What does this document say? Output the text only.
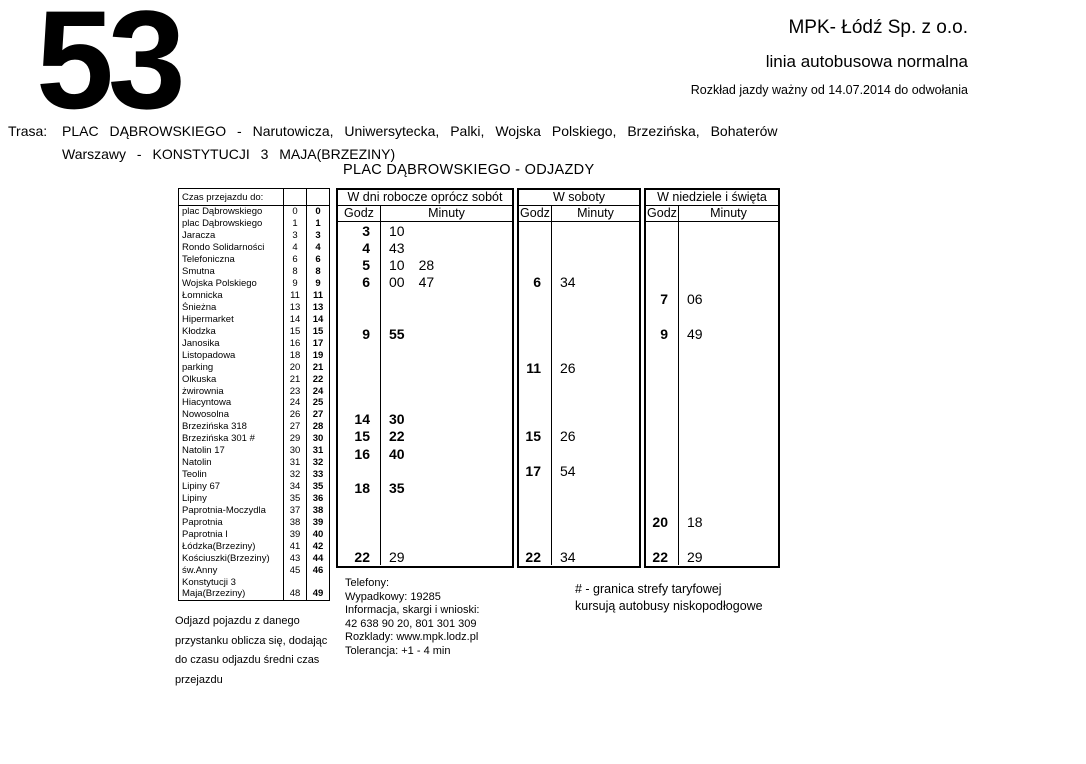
53	MPK- Łódź Sp. z o.o.
linia autobusowa normalna
Rozkład jazdy ważny od 14.07.2014 do odwołania
Trasa:	PLAC DĄBROWSKIEGO - Narutowicza, Uniwersytecka, Palki, Wojska Polskiego, Brzezińska, Bohaterów
Warszawy - KONSTYTUCJI 3 MAJA(BRZEZINY)
PLAC DĄBROWSKIEGO - ODJAZDY
Czas przejazdu do:
plac Dąbrowskiego	0	0
plac Dąbrowskiego	1	1
Jaracza	3	3
Rondo Solidarności	4	4
Telefoniczna	6	6
Smutna	8	8
Wojska Polskiego	9	9
Łomnicka	11	11
Śnieżna	13	13
Hipermarket	14	14
Kłodzka	15	15
Janosika	16	17
Listopadowa	18	19
parking	20	21
Olkuska	21	22
żwirownia	23	24
Hiacyntowa	24	25
Nowosolna	26	27
Brzezińska 318	27	28
Brzezińska 301 #	29	30
Natolin 17	30	31
Natolin	31	32
Teolin	32	33
Lipiny 67	34	35
Lipiny	35	36
Paprotnia-Moczydla	37	38
Paprotnia	38	39
Paprotnia I	39	40
Łódzka(Brzeziny)	41	42
Kościuszki(Brzeziny)	43	44
św.Anny	45	46
Konstytucji 3
Maja(Brzeziny)	48	49
W dni robocze oprócz sobót
Godz	Minuty
3	10
4	43
5	10 28
6	00 47
9	55
14	30
15	22
16	40
18	35
22	29
W soboty
Godz	Minuty
6	34
11	26
15	26
17	54
22	34
W niedziele i święta
Godz	Minuty
7	06
9	49
20	18
22	29
Odjazd pojazdu z danego
przystanku oblicza się, dodając
do czasu odjazdu średni czas
przejazdu
Telefony:
Wypadkowy: 19285
Informacja, skargi i wnioski:
42 638 90 20, 801 301 309
Rozklady: www.mpk.lodz.pl
Tolerancja: +1 - 4 min
# - granica strefy taryfowej
kursują autobusy niskopodłogowe
